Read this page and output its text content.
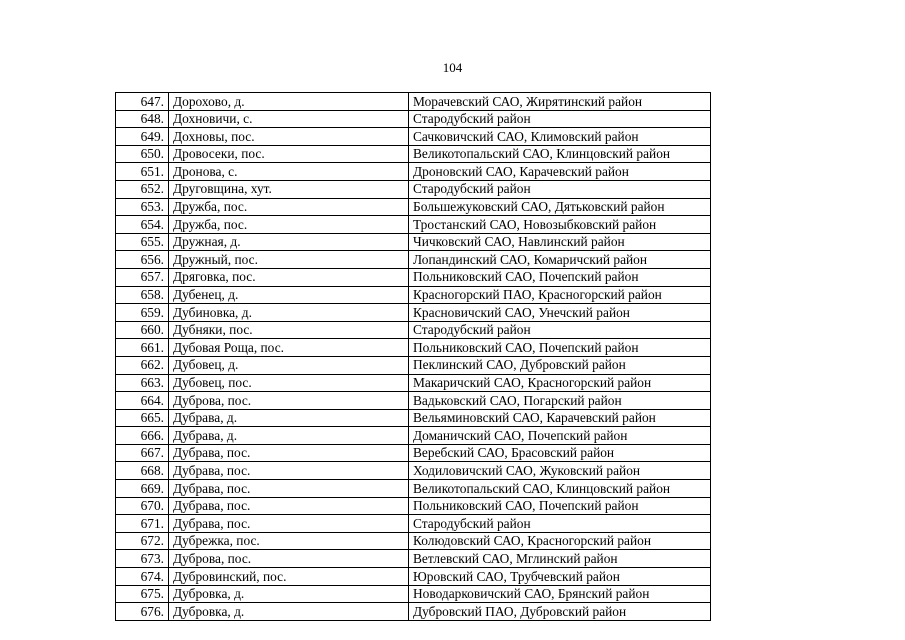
104
647.	Дорохово, д.	Морачевский САО, Жирятинский район
648.	Дохновичи, с.	Стародубский район
649.	Дохновы, пос.	Сачковичский САО, Климовский район
650.	Дровосеки, пос.	Великотопальский САО, Клинцовский район
651.	Дронова, с.	Дроновский САО, Карачевский район
652.	Друговщина, хут.	Стародубский район
653.	Дружба, пос.	Большежуковский САО, Дятьковский район
654.	Дружба, пос.	Тростанский САО, Новозыбковский район
655.	Дружная, д.	Чичковский САО, Навлинский район
656.	Дружный, пос.	Лопандинский САО, Комаричский район
657.	Дряговка, пос.	Польниковский САО, Почепский район
658.	Дубенец, д.	Красногорский ПАО, Красногорский район
659.	Дубиновка, д.	Красновичский САО, Унечский район
660.	Дубняки, пос.	Стародубский район
661.	Дубовая Роща, пос.	Польниковский САО, Почепский район
662.	Дубовец, д.	Пеклинский САО, Дубровский район
663.	Дубовец, пос.	Макаричский САО, Красногорский район
664.	Дуброва, пос.	Вадьковский САО, Погарский район
665.	Дубрава, д.	Вельяминовский САО, Карачевский район
666.	Дубрава, д.	Доманичский САО, Почепский район
667.	Дубрава, пос.	Веребский САО, Брасовский район
668.	Дубрава, пос.	Ходиловичский САО, Жуковский район
669.	Дубрава, пос.	Великотопальский САО, Клинцовский район
670.	Дубрава, пос.	Польниковский САО, Почепский район
671.	Дубрава, пос.	Стародубский район
672.	Дубрежка, пос.	Колюдовский САО, Красногорский район
673.	Дуброва, пос.	Ветлевский САО, Мглинский район
674.	Дубровинский, пос.	Юровский САО, Трубчевский район
675.	Дубровка, д.	Новодарковичский САО, Брянский район
676.	Дубровка, д.	Дубровский ПАО, Дубровский район
